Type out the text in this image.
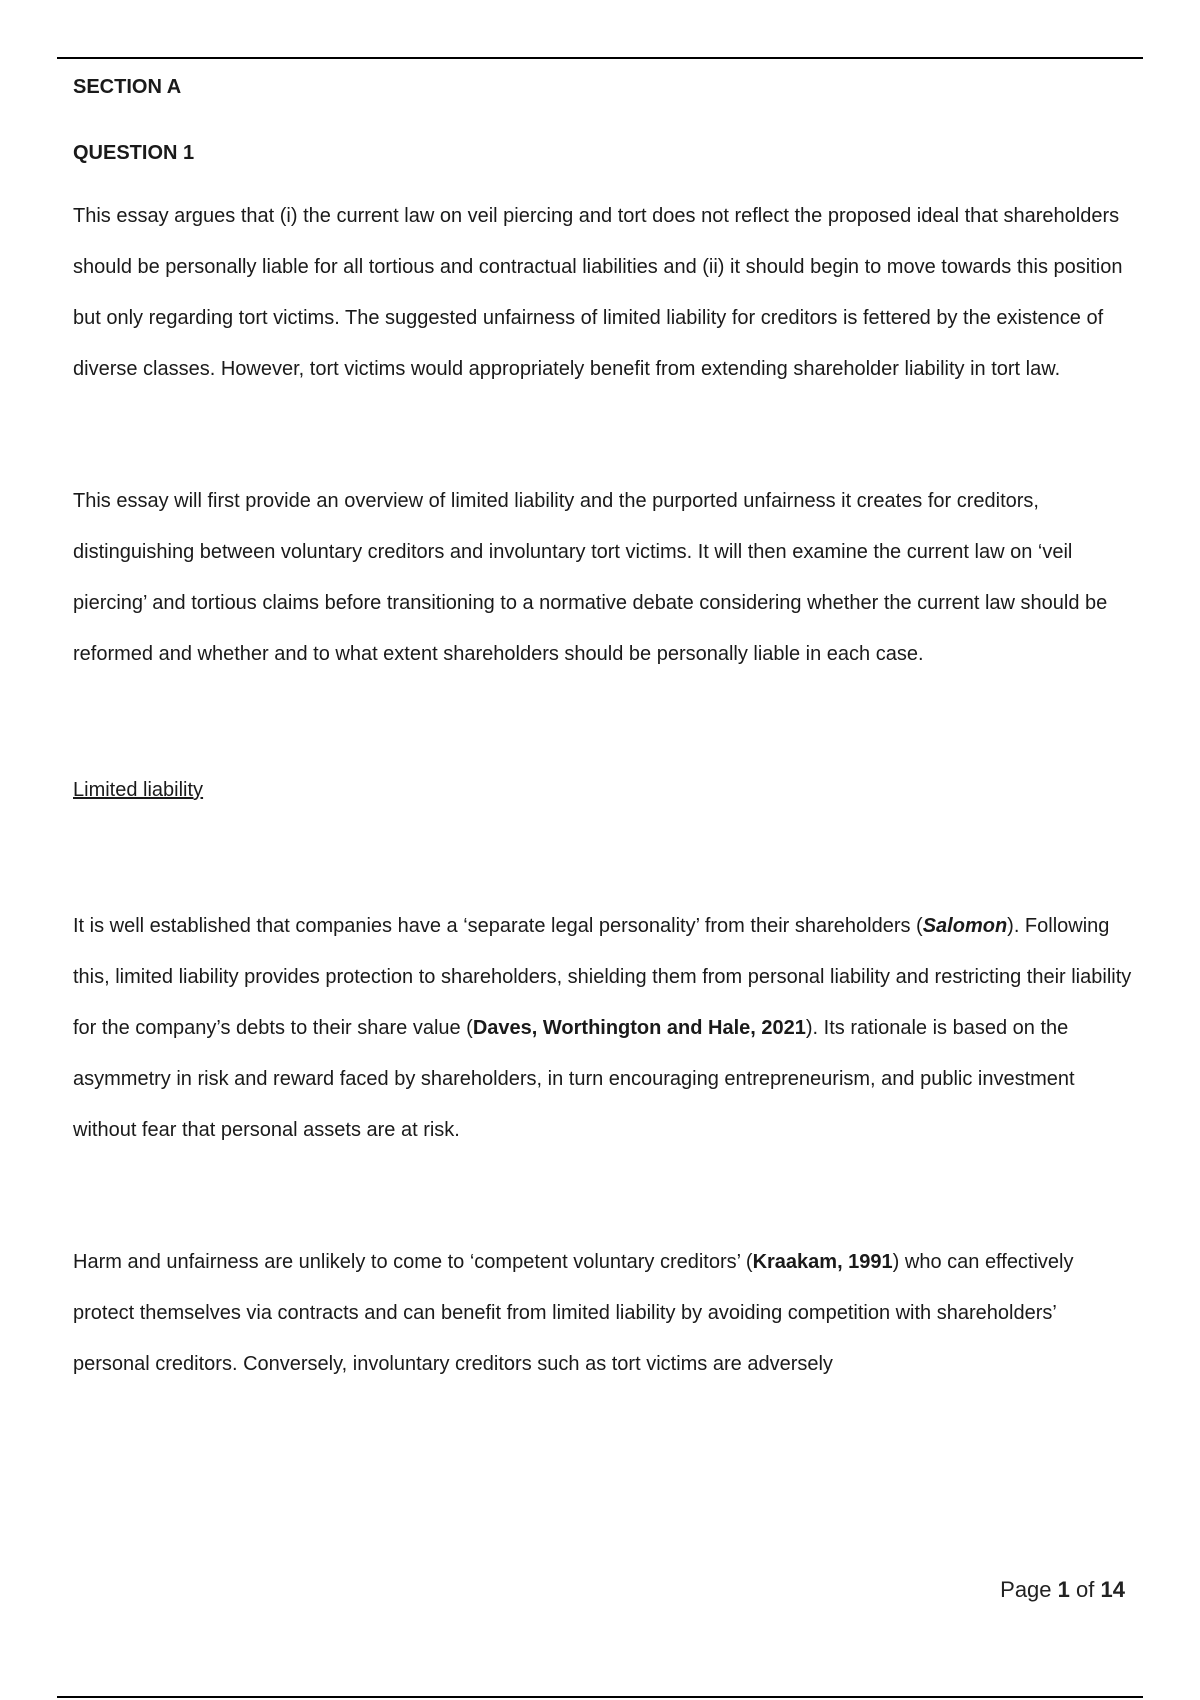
SECTION A

QUESTION 1

This essay argues that (i) the current law on veil piercing and tort does not reflect the proposed ideal that shareholders should be personally liable for all tortious and contractual liabilities and (ii) it should begin to move towards this position but only regarding tort victims. The suggested unfairness of limited liability for creditors is fettered by the existence of diverse classes. However, tort victims would appropriately benefit from extending shareholder liability in tort law.

This essay will first provide an overview of limited liability and the purported unfairness it creates for creditors, distinguishing between voluntary creditors and involuntary tort victims. It will then examine the current law on ‘veil piercing’ and tortious claims before transitioning to a normative debate considering whether the current law should be reformed and whether and to what extent shareholders should be personally liable in each case.

Limited liability

It is well established that companies have a ‘separate legal personality’ from their shareholders (Salomon). Following this, limited liability provides protection to shareholders, shielding them from personal liability and restricting their liability for the company’s debts to their share value (Daves, Worthington and Hale, 2021). Its rationale is based on the asymmetry in risk and reward faced by shareholders, in turn encouraging entrepreneurism, and public investment without fear that personal assets are at risk.

Harm and unfairness are unlikely to come to ‘competent voluntary creditors’ (Kraakam, 1991) who can effectively protect themselves via contracts and can benefit from limited liability by avoiding competition with shareholders’ personal creditors. Conversely, involuntary creditors such as tort victims are adversely

Page 1 of 14
